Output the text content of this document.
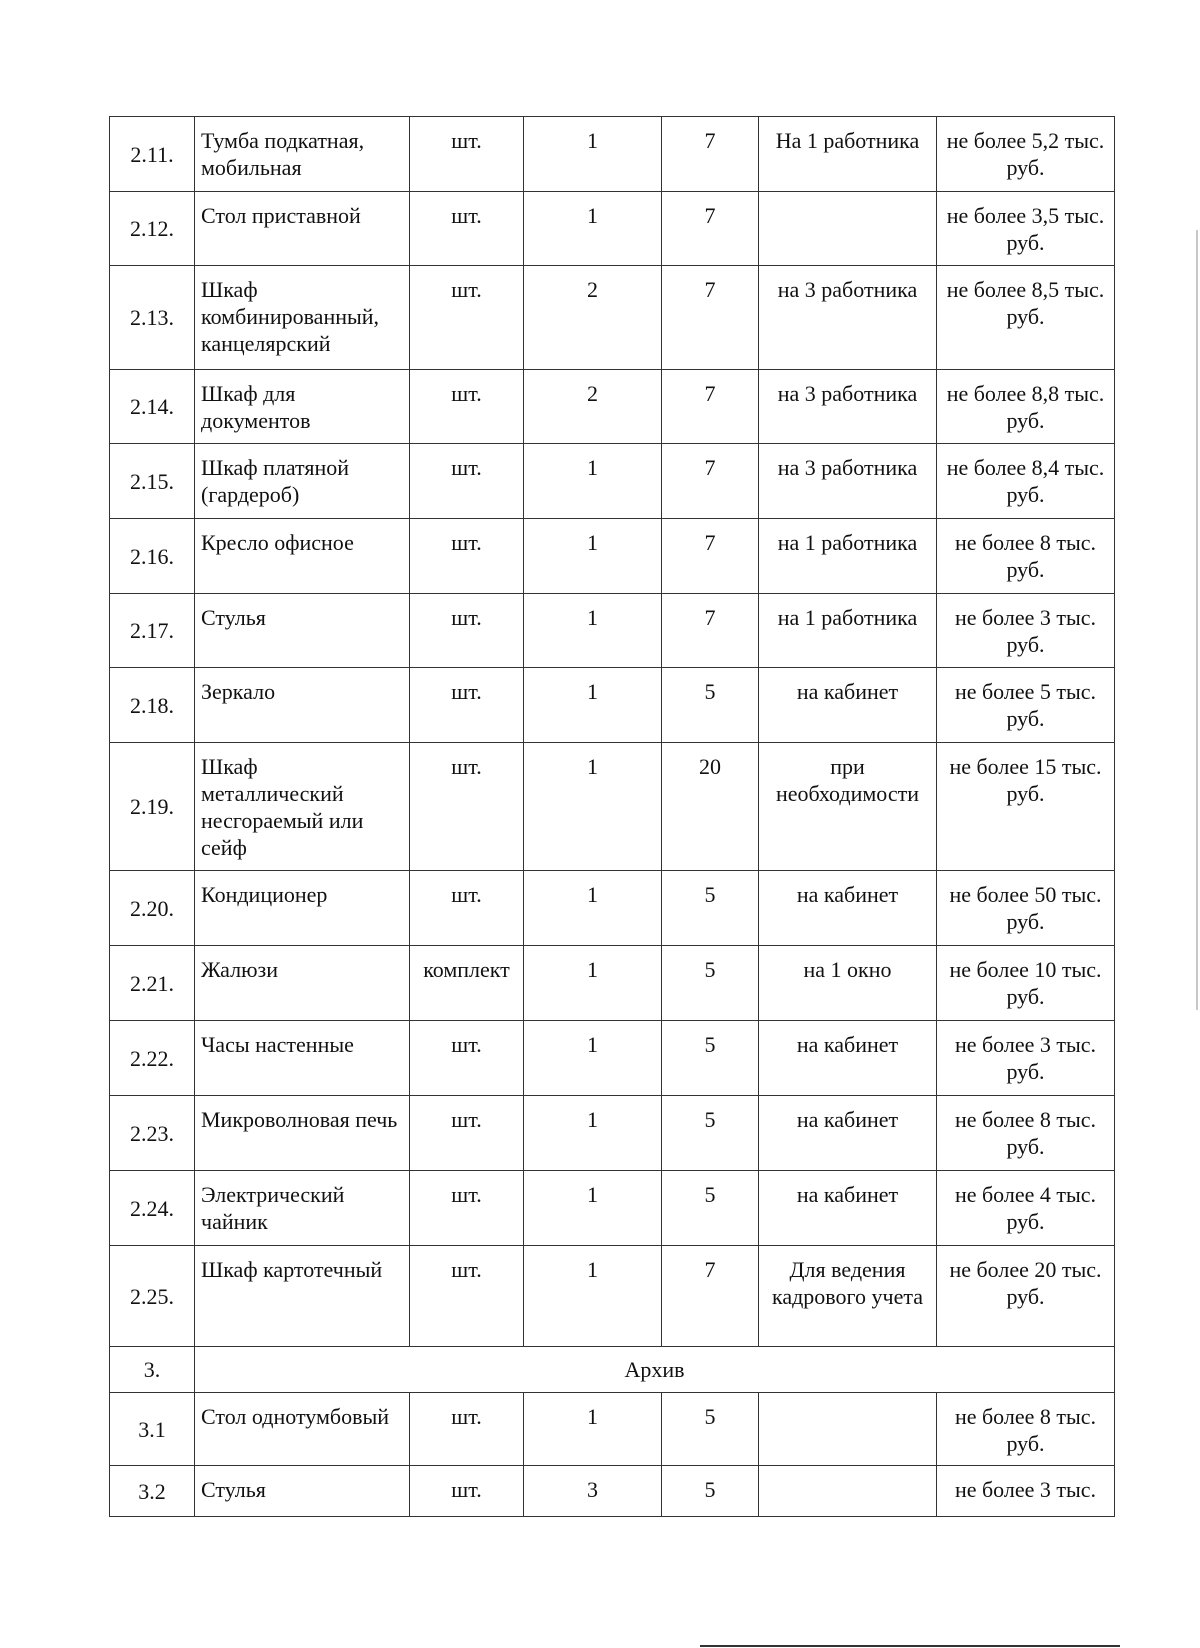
2.11.	Тумба подкатная, мобильная	шт.	1	7	На 1 работника	не более 5,2 тыс. руб.
2.12.	Стол приставной	шт.	1	7		не более 3,5 тыс. руб.
2.13.	Шкаф комбинированный, канцелярский	шт.	2	7	на 3 работника	не более 8,5 тыс. руб.
2.14.	Шкаф для документов	шт.	2	7	на 3 работника	не более 8,8 тыс. руб.
2.15.	Шкаф платяной (гардероб)	шт.	1	7	на 3 работника	не более 8,4 тыс. руб.
2.16.	Кресло офисное	шт.	1	7	на 1 работника	не более 8 тыс. руб.
2.17.	Стулья	шт.	1	7	на 1 работника	не более 3 тыс. руб.
2.18.	Зеркало	шт.	1	5	на кабинет	не более 5 тыс. руб.
2.19.	Шкаф металлический несгораемый или сейф	шт.	1	20	при необходимости	не более 15 тыс. руб.
2.20.	Кондиционер	шт.	1	5	на кабинет	не более 50 тыс. руб.
2.21.	Жалюзи	комплект	1	5	на 1 окно	не более 10 тыс. руб.
2.22.	Часы настенные	шт.	1	5	на кабинет	не более 3 тыс. руб.
2.23.	Микроволновая печь	шт.	1	5	на кабинет	не более 8 тыс. руб.
2.24.	Электрический чайник	шт.	1	5	на кабинет	не более 4 тыс. руб.
2.25.	Шкаф картотечный	шт.	1	7	Для ведения кадрового учета	не более 20 тыс. руб.
3.	Архив					
3.1	Стол однотумбовый	шт.	1	5		не более 8 тыс. руб.
3.2	Стулья	шт.	3	5		не более 3 тыс.
